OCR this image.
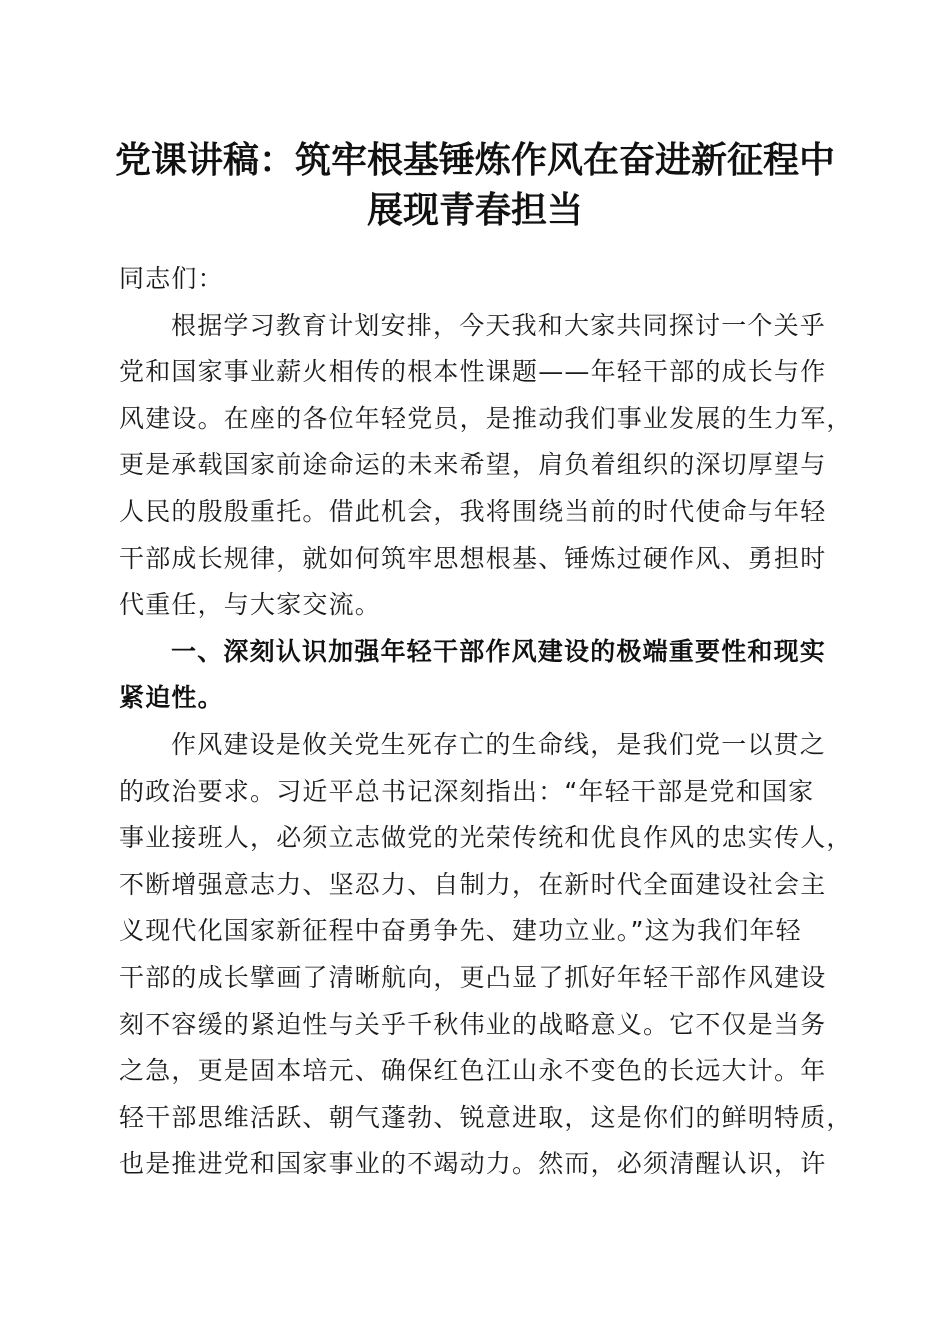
党课讲稿：筑牢根基锤炼作风在奋进新征程中
展现青春担当
同志们：
根据学习教育计划安排，今天我和大家共同探讨一个关乎
党和国家事业薪火相传的根本性课题——年轻干部的成长与作
风建设。在座的各位年轻党员，是推动我们事业发展的生力军，
更是承载国家前途命运的未来希望，肩负着组织的深切厚望与
人民的殷殷重托。借此机会，我将围绕当前的时代使命与年轻
干部成长规律，就如何筑牢思想根基、锤炼过硬作风、勇担时
代重任，与大家交流。
一、深刻认识加强年轻干部作风建设的极端重要性和现实
紧迫性。
作风建设是攸关党生死存亡的生命线，是我们党一以贯之
的政治要求。习近平总书记深刻指出：“年轻干部是党和国家
事业接班人，必须立志做党的光荣传统和优良作风的忠实传人，
不断增强意志力、坚忍力、自制力，在新时代全面建设社会主
义现代化国家新征程中奋勇争先、建功立业。”这为我们年轻
干部的成长擘画了清晰航向，更凸显了抓好年轻干部作风建设
刻不容缓的紧迫性与关乎千秋伟业的战略意义。它不仅是当务
之急，更是固本培元、确保红色江山永不变色的长远大计。年
轻干部思维活跃、朝气蓬勃、锐意进取，这是你们的鲜明特质，
也是推进党和国家事业的不竭动力。然而，必须清醒认识，许
